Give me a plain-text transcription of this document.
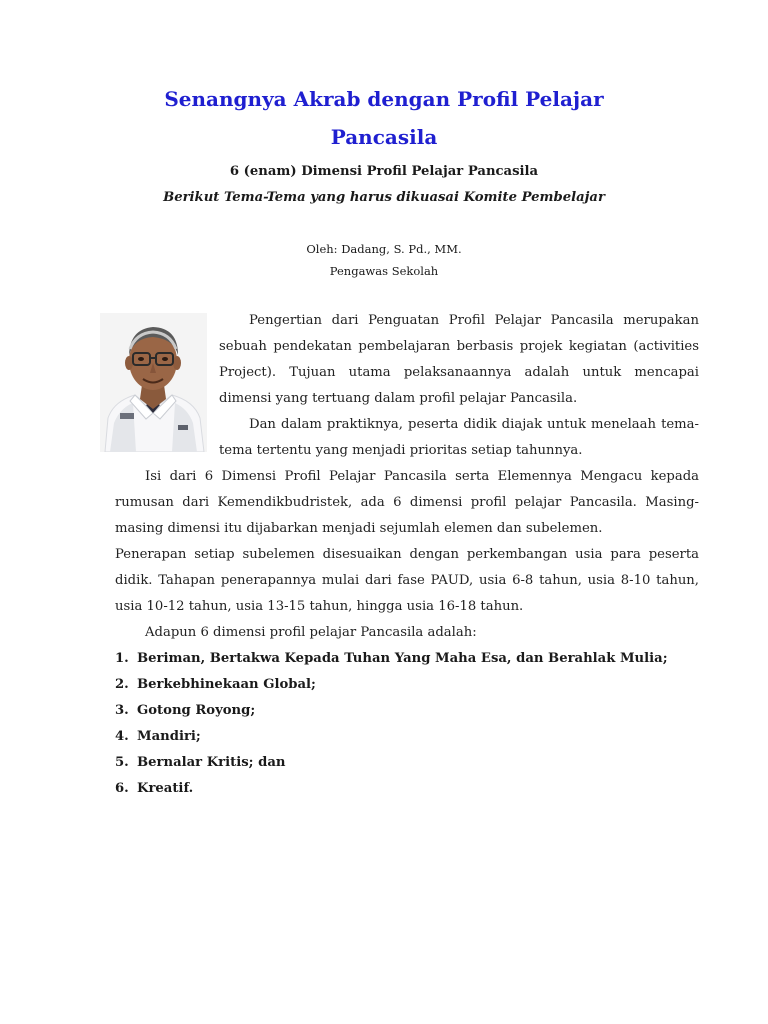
Senangnya Akrab dengan Profil Pelajar
Pancasila
6 (enam) Dimensi Profil Pelajar Pancasila
Berikut Tema-Tema yang harus dikuasai Komite Pembelajar
Oleh: Dadang, S. Pd., MM.
Pengawas Sekolah

Pengertian dari Penguatan Profil Pelajar Pancasila merupakan sebuah pendekatan pembelajaran berbasis projek kegiatan (activities Project). Tujuan utama pelaksanaannya adalah untuk mencapai dimensi yang tertuang dalam profil pelajar Pancasila.

Dan dalam praktiknya, peserta didik diajak untuk menelaah tema-tema tertentu yang menjadi prioritas setiap tahunnya.

Isi dari 6 Dimensi Profil Pelajar Pancasila serta Elemennya Mengacu kepada rumusan dari Kemendikbudristek, ada 6 dimensi profil pelajar Pancasila. Masing-masing dimensi itu dijabarkan menjadi sejumlah elemen dan subelemen.

Penerapan setiap subelemen disesuaikan dengan perkembangan usia para peserta didik. Tahapan penerapannya mulai dari fase PAUD, usia 6-8 tahun, usia 8-10 tahun, usia 10-12 tahun, usia 13-15 tahun, hingga usia 16-18 tahun.

Adapun 6 dimensi profil pelajar Pancasila adalah:

1. Beriman, Bertakwa Kepada Tuhan Yang Maha Esa, dan Berahlak Mulia;
2. Berkebhinekaan Global;
3. Gotong Royong;
4. Mandiri;
5. Bernalar Kritis; dan
6. Kreatif.
